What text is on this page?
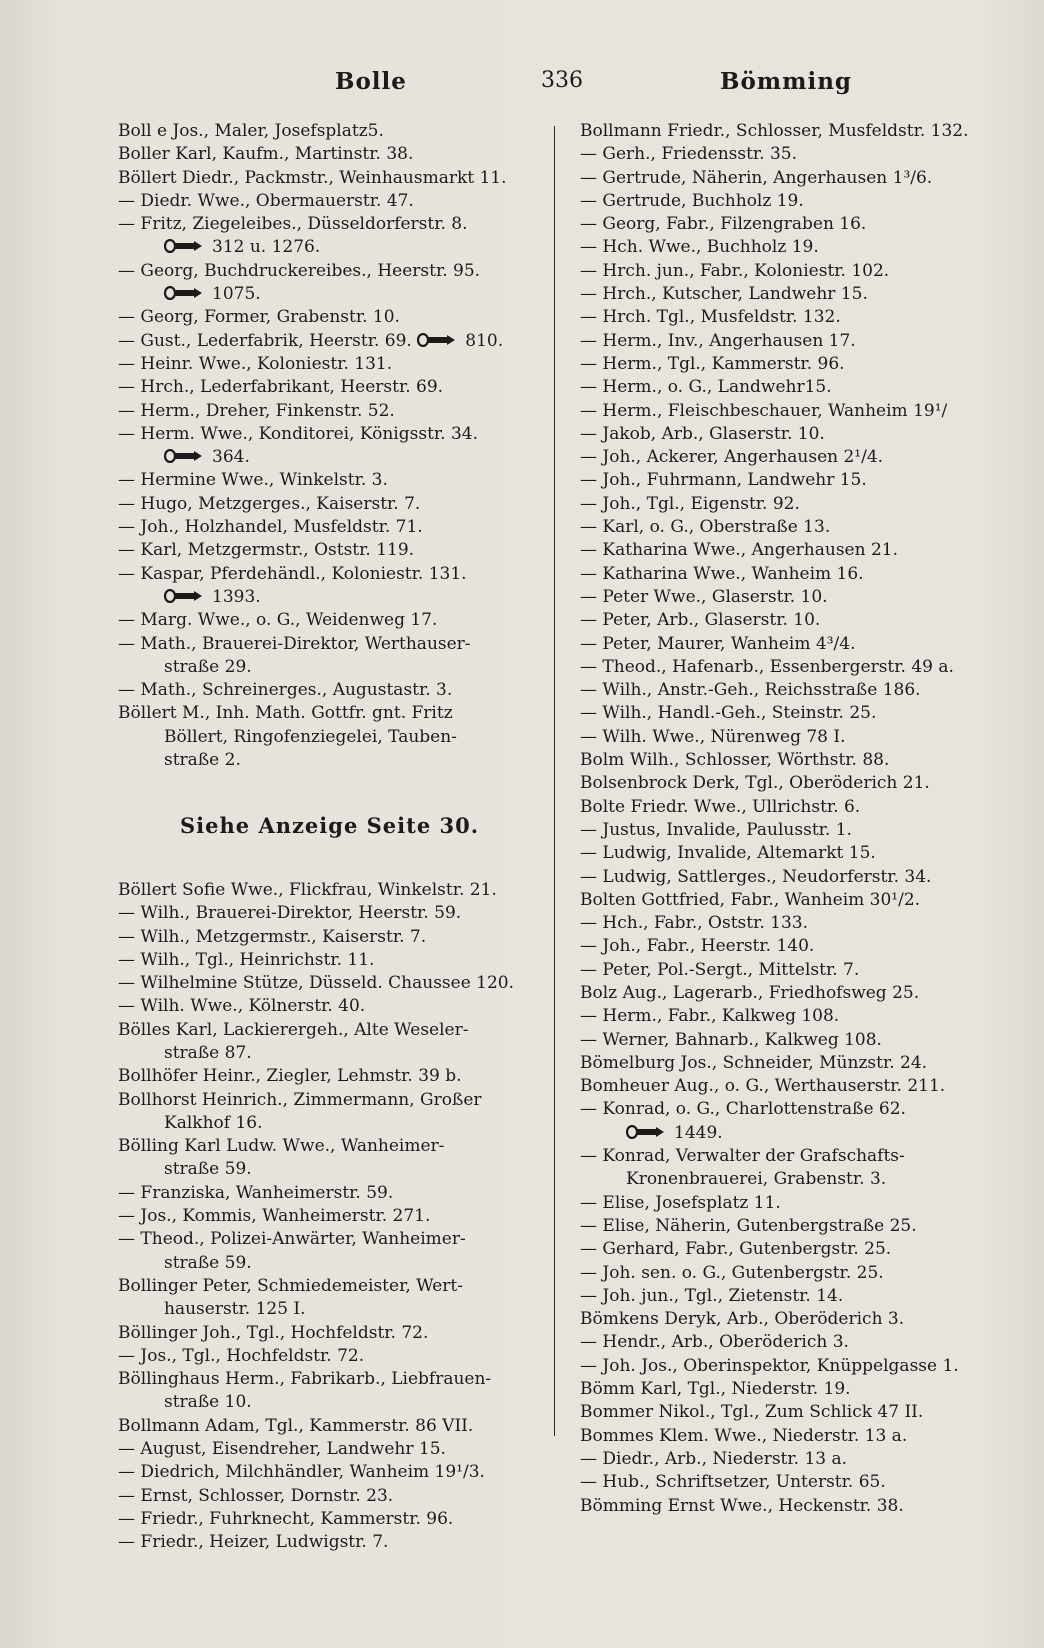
Bolle	336	Bömming
Boll e Jos., Maler, Josefsplatz5.
Boller Karl, Kaufm., Martinstr. 38.
Böllert Diedr., Packmstr., Weinhausmarkt 11.
— Diedr. Wwe., Obermauerstr. 47.
— Fritz, Ziegeleibes., Düsseldorferstr. 8.
312 u. 1276.
— Georg, Buchdruckereibes., Heerstr. 95.
1075.
— Georg, Former, Grabenstr. 10.
— Gust., Lederfabrik, Heerstr. 69.	810.
— Heinr. Wwe., Koloniestr. 131.
— Hrch., Lederfabrikant, Heerstr. 69.
— Herm., Dreher, Finkenstr. 52.
— Herm. Wwe., Konditorei, Königsstr. 34.
364.
— Hermine Wwe., Winkelstr. 3.
— Hugo, Metzgerges., Kaiserstr. 7.
— Joh., Holzhandel, Musfeldstr. 71.
— Karl, Metzgermstr., Oststr. 119.
— Kaspar, Pferdehändl., Koloniestr. 131.
1393.
— Marg. Wwe., o. G., Weidenweg 17.
— Math., Brauerei-Direktor, Werthauser-
straße 29.
— Math., Schreinerges., Augustastr. 3.
Böllert M., Inh. Math. Gottfr. gnt. Fritz
Böllert, Ringofenziegelei, Tauben-
straße 2.
Siehe Anzeige Seite 30.
Böllert Sofie Wwe., Flickfrau, Winkelstr. 21.
— Wilh., Brauerei-Direktor, Heerstr. 59.
— Wilh., Metzgermstr., Kaiserstr. 7.
— Wilh., Tgl., Heinrichstr. 11.
— Wilhelmine Stütze, Düsseld. Chaussee 120.
— Wilh. Wwe., Kölnerstr. 40.
Bölles Karl, Lackierergeh., Alte Weseler-
straße 87.
Bollhöfer Heinr., Ziegler, Lehmstr. 39 b.
Bollhorst Heinrich., Zimmermann, Großer
Kalkhof 16.
Bölling Karl Ludw. Wwe., Wanheimer-
straße 59.
— Franziska, Wanheimerstr. 59.
— Jos., Kommis, Wanheimerstr. 271.
— Theod., Polizei-Anwärter, Wanheimer-
straße 59.
Bollinger Peter, Schmiedemeister, Wert-
hauserstr. 125 I.
Böllinger Joh., Tgl., Hochfeldstr. 72.
— Jos., Tgl., Hochfeldstr. 72.
Böllinghaus Herm., Fabrikarb., Liebfrauen-
straße 10.
Bollmann Adam, Tgl., Kammerstr. 86 VII.
— August, Eisendreher, Landwehr 15.
— Diedrich, Milchhändler, Wanheim 19¹/3.
— Ernst, Schlosser, Dornstr. 23.
— Friedr., Fuhrknecht, Kammerstr. 96.
— Friedr., Heizer, Ludwigstr. 7.
Bollmann Friedr., Schlosser, Musfeldstr. 132.
— Gerh., Friedensstr. 35.
— Gertrude, Näherin, Angerhausen 1³/6.
— Gertrude, Buchholz 19.
— Georg, Fabr., Filzengraben 16.
— Hch. Wwe., Buchholz 19.
— Hrch. jun., Fabr., Koloniestr. 102.
— Hrch., Kutscher, Landwehr 15.
— Hrch. Tgl., Musfeldstr. 132.
— Herm., Inv., Angerhausen 17.
— Herm., Tgl., Kammerstr. 96.
— Herm., o. G., Landwehr15.
— Herm., Fleischbeschauer, Wanheim 19¹/
— Jakob, Arb., Glaserstr. 10.
— Joh., Ackerer, Angerhausen 2¹/4.
— Joh., Fuhrmann, Landwehr 15.
— Joh., Tgl., Eigenstr. 92.
— Karl, o. G., Oberstraße 13.
— Katharina Wwe., Angerhausen 21.
— Katharina Wwe., Wanheim 16.
— Peter Wwe., Glaserstr. 10.
— Peter, Arb., Glaserstr. 10.
— Peter, Maurer, Wanheim 4³/4.
— Theod., Hafenarb., Essenbergerstr. 49 a.
— Wilh., Anstr.-Geh., Reichsstraße 186.
— Wilh., Handl.-Geh., Steinstr. 25.
— Wilh. Wwe., Nürenweg 78 I.
Bolm Wilh., Schlosser, Wörthstr. 88.
Bolsenbrock Derk, Tgl., Oberöderich 21.
Bolte Friedr. Wwe., Ullrichstr. 6.
— Justus, Invalide, Paulusstr. 1.
— Ludwig, Invalide, Altemarkt 15.
— Ludwig, Sattlerges., Neudorferstr. 34.
Bolten Gottfried, Fabr., Wanheim 30¹/2.
— Hch., Fabr., Oststr. 133.
— Joh., Fabr., Heerstr. 140.
— Peter, Pol.-Sergt., Mittelstr. 7.
Bolz Aug., Lagerarb., Friedhofsweg 25.
— Herm., Fabr., Kalkweg 108.
— Werner, Bahnarb., Kalkweg 108.
Bömelburg Jos., Schneider, Münzstr. 24.
Bomheuer Aug., o. G., Werthauserstr. 211.
— Konrad, o. G., Charlottenstraße 62.
1449.
— Konrad, Verwalter der Grafschafts-
Kronenbrauerei, Grabenstr. 3.
— Elise, Josefsplatz 11.
— Elise, Näherin, Gutenbergstraße 25.
— Gerhard, Fabr., Gutenbergstr. 25.
— Joh. sen. o. G., Gutenbergstr. 25.
— Joh. jun., Tgl., Zietenstr. 14.
Bömkens Deryk, Arb., Oberöderich 3.
— Hendr., Arb., Oberöderich 3.
— Joh. Jos., Oberinspektor, Knüppelgasse 1.
Bömm Karl, Tgl., Niederstr. 19.
Bommer Nikol., Tgl., Zum Schlick 47 II.
Bommes Klem. Wwe., Niederstr. 13 a.
— Diedr., Arb., Niederstr. 13 a.
— Hub., Schriftsetzer, Unterstr. 65.
Bömming Ernst Wwe., Heckenstr. 38.
